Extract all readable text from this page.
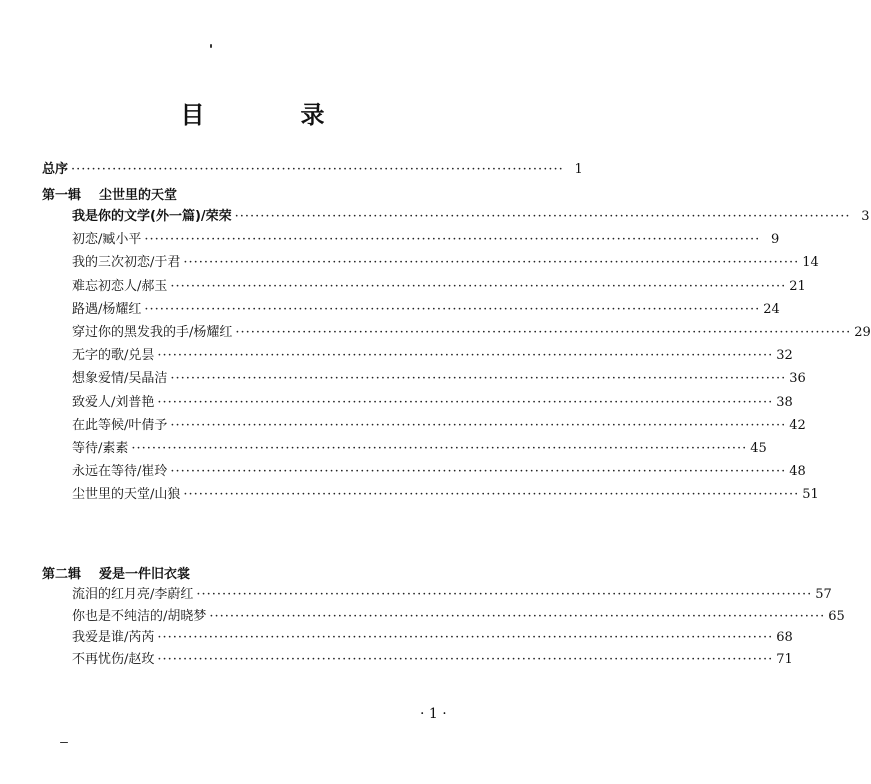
目　录
总序 ································································································ 1
第一辑 尘世里的天堂
我是你的文学(外一篇)/荣荣 ························································································································ 3
初恋/臧小平 ························································································································ 9
我的三次初恋/于君 ························································································································ 14
难忘初恋人/郝玉 ························································································································ 21
路遇/杨耀红 ························································································································ 24
穿过你的黑发我的手/杨耀红 ························································································································ 29
无字的歌/兑昙 ························································································································ 32
想象爱情/吴晶洁 ························································································································ 36
致爱人/刘普艳 ························································································································ 38
在此等候/叶倩予 ························································································································ 42
等待/素素 ························································································································ 45
永远在等待/崔玲 ························································································································ 48
尘世里的天堂/山狼 ························································································································ 51
第二辑 爱是一件旧衣裳
流泪的红月亮/李蔚红 ························································································································ 57
你也是不纯洁的/胡晓梦 ························································································································ 65
我爱是谁/芮芮 ························································································································ 68
不再忧伤/赵玫 ························································································································ 71
· 1 ·
